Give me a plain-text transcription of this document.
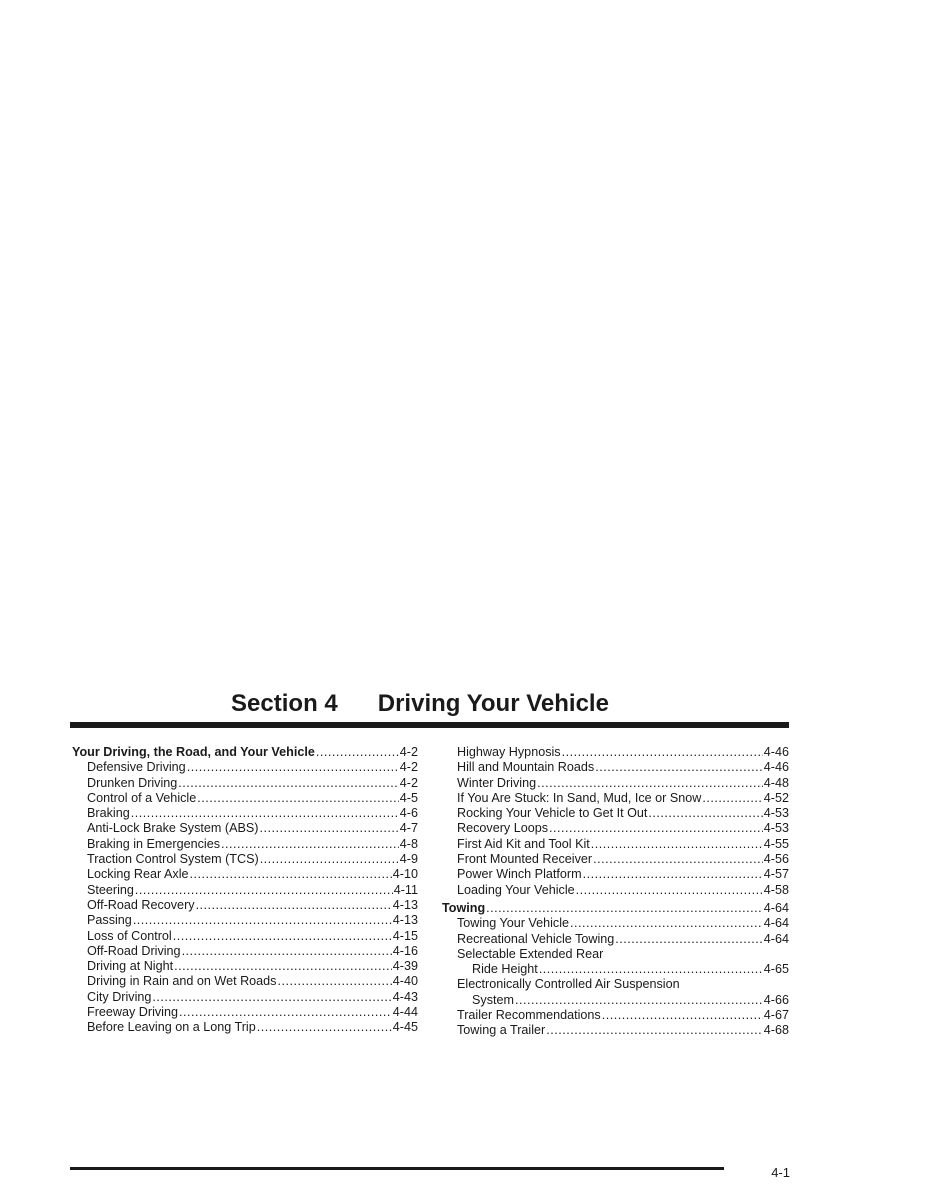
Section 4 Driving Your Vehicle
Your Driving, the Road, and Your Vehicle .....	4-2
Defensive Driving .....	4-2
Drunken Driving .....	4-2
Control of a Vehicle .....	4-5
Braking .....	4-6
Anti-Lock Brake System (ABS) .....	4-7
Braking in Emergencies .....	4-8
Traction Control System (TCS) .....	4-9
Locking Rear Axle .....	4-10
Steering .....	4-11
Off-Road Recovery .....	4-13
Passing .....	4-13
Loss of Control .....	4-15
Off-Road Driving .....	4-16
Driving at Night .....	4-39
Driving in Rain and on Wet Roads .....	4-40
City Driving .....	4-43
Freeway Driving .....	4-44
Before Leaving on a Long Trip .....	4-45
Highway Hypnosis .....	4-46
Hill and Mountain Roads .....	4-46
Winter Driving .....	4-48
If You Are Stuck: In Sand, Mud, Ice or Snow .....	4-52
Rocking Your Vehicle to Get It Out .....	4-53
Recovery Loops .....	4-53
First Aid Kit and Tool Kit .....	4-55
Front Mounted Receiver .....	4-56
Power Winch Platform .....	4-57
Loading Your Vehicle .....	4-58
Towing .....	4-64
Towing Your Vehicle .....	4-64
Recreational Vehicle Towing .....	4-64
Selectable Extended Rear
Ride Height .....	4-65
Electronically Controlled Air Suspension
System .....	4-66
Trailer Recommendations .....	4-67
Towing a Trailer .....	4-68
4-1
